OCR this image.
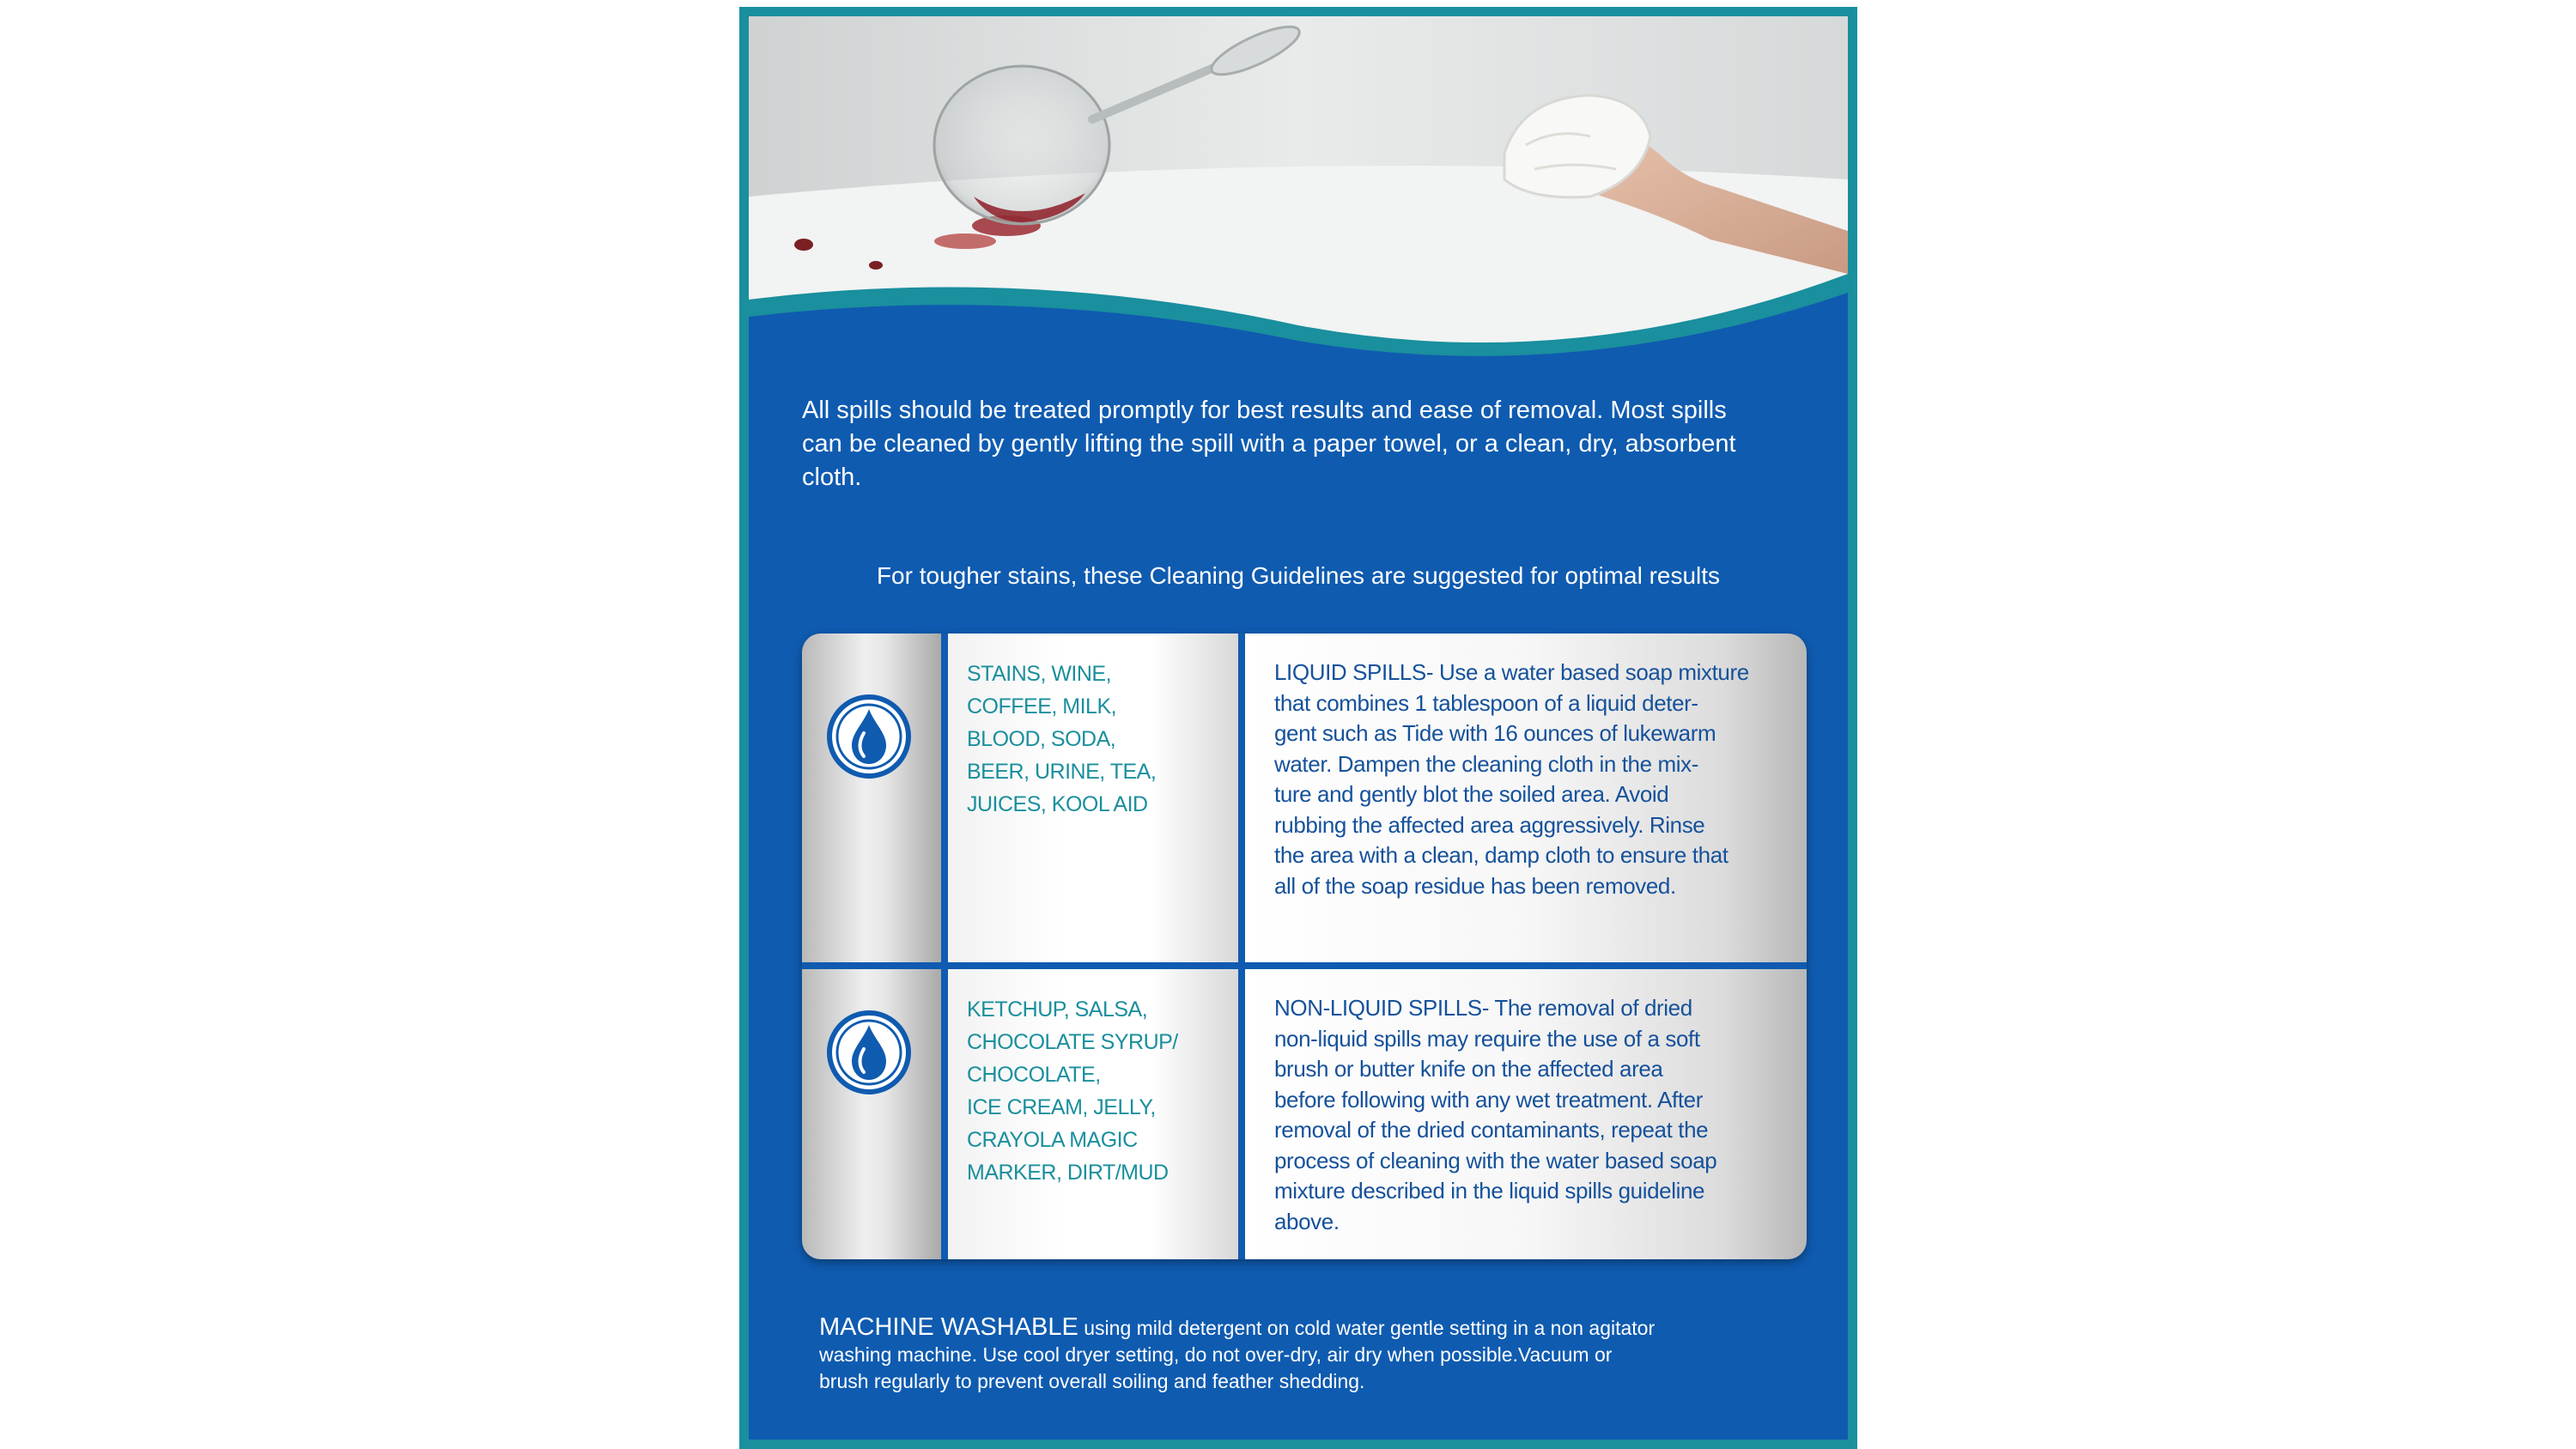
All spills should be treated promptly for best results and ease of removal. Most spills
can be cleaned by gently lifting the spill with a paper towel, or a clean, dry, absorbent
cloth.
For tougher stains, these Cleaning Guidelines are suggested for optimal results
STAINS, WINE,
COFFEE, MILK,
BLOOD, SODA,
BEER, URINE, TEA,
JUICES, KOOL AID
LIQUID SPILLS- Use a water based soap mixture
that combines 1 tablespoon of a liquid deter-
gent such as Tide with 16 ounces of lukewarm
water. Dampen the cleaning cloth in the mix-
ture and gently blot the soiled area. Avoid
rubbing the affected area aggressively. Rinse
the area with a clean, damp cloth to ensure that
all of the soap residue has been removed.
KETCHUP, SALSA,
CHOCOLATE SYRUP/
CHOCOLATE,
ICE CREAM, JELLY,
CRAYOLA MAGIC
MARKER, DIRT/MUD
NON-LIQUID SPILLS- The removal of dried
non-liquid spills may require the use of a soft
brush or butter knife on the affected area
before following with any wet treatment. After
removal of the dried contaminants, repeat the
process of cleaning with the water based soap
mixture described in the liquid spills guideline
above.
MACHINE WASHABLE using mild detergent on cold water gentle setting in a non agitator
washing machine. Use cool dryer setting, do not over-dry, air dry when possible.Vacuum or
brush regularly to prevent overall soiling and feather shedding.
